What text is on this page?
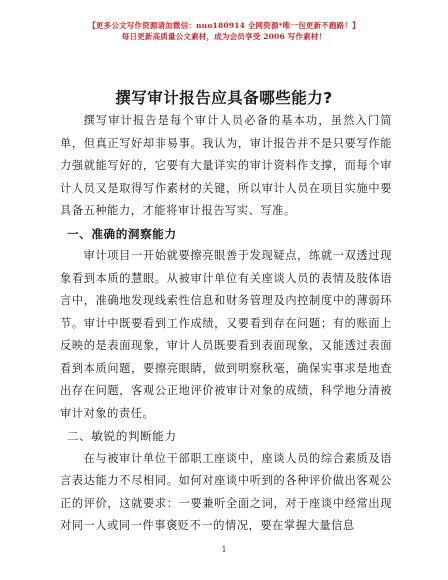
【更多公文写作资源请加微信：nuo180914 全网资源*唯一包更新不跑路！】
每日更新高质量公文素材，成为会员享受 2006 写作素材！
撰写审计报告应具备哪些能力?

撰写审计报告是每个审计人员必备的基本功，虽然入门简单，但真正写好却非易事。我认为，审计报告并不是只要写作能力强就能写好的，它要有大量详实的审计资料作支撑，而每个审计人员又是取得写作素材的关键，所以审计人员在项目实施中要具备五种能力，才能将审计报告写实、写准。

一、准确的洞察能力

审计项目一开始就要擦亮眼善于发现疑点，练就一双透过现象看到本质的慧眼。从被审计单位有关座谈人员的表情及肢体语言中，准确地发现线索性信息和财务管理及内控制度中的薄弱环节。审计中既要看到工作成绩，又要看到存在问题；有的账面上反映的是表面现象，审计人员既要看到表面现象，又能透过表面看到本质问题，要擦亮眼睛，做到明察秋毫，确保实事求是地查出存在问题，客观公正地评价被审计对象的成绩，科学地分清被审计对象的责任。

二、敏锐的判断能力

在与被审计单位干部职工座谈中，座谈人员的综合素质及语言表达能力不尽相同。如何对座谈中听到的各种评价做出客观公正的评价，这就要求：一要兼听全面之词，对于座谈中经常出现对同一人或同一件事褒贬不一的情况，要在掌握大量信息

1
